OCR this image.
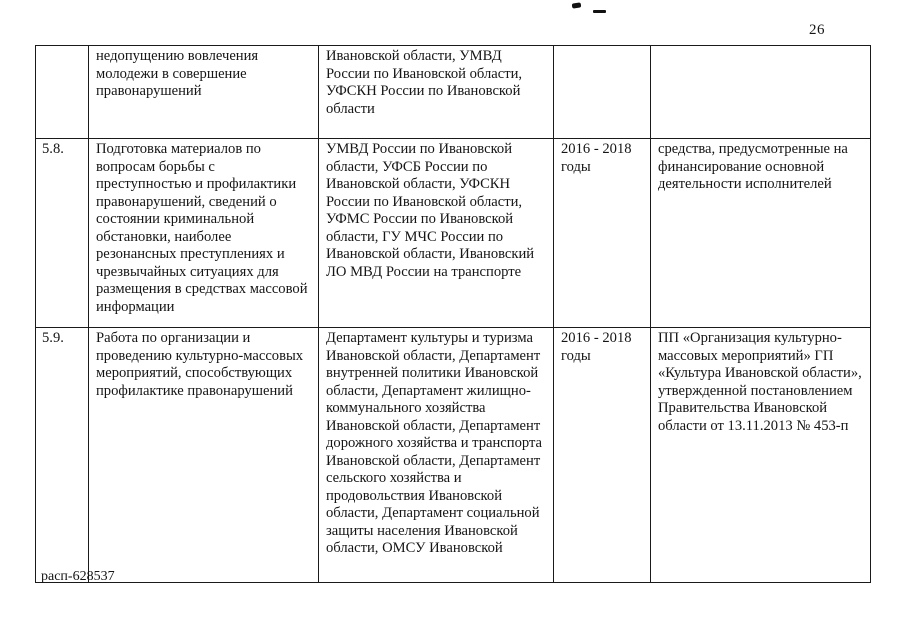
26
	недопущению вовлечения молодежи в совершение правонарушений	Ивановской области, УМВД России по Ивановской области, УФСКН России по Ивановской области		
5.8.	Подготовка материалов по вопросам борьбы с преступностью и профилактики правонарушений, сведений о состоянии криминальной обстановки, наиболее резонансных преступлениях и чрезвычайных ситуациях для размещения в средствах массовой информации	УМВД России по Ивановской области, УФСБ России по Ивановской области, УФСКН России по Ивановской области, УФМС России по Ивановской области, ГУ МЧС России по Ивановской области, Ивановский ЛО МВД России на транспорте	2016 - 2018 годы	средства, предусмотренные на финансирование основной деятельности исполнителей
5.9.	Работа по организации и проведению культурно-массовых мероприятий, способствующих профилактике правонарушений	Департамент культуры и туризма Ивановской области, Департамент внутренней политики Ивановской области, Департамент жилищно-коммунального хозяйства Ивановской области, Департамент дорожного хозяйства и транспорта Ивановской области, Департамент сельского хозяйства и продовольствия Ивановской области, Департамент социальной защиты населения Ивановской области, ОМСУ Ивановской	2016 - 2018 годы	ПП «Организация культурно-массовых мероприятий» ГП «Культура Ивановской области», утвержденной постановлением Правительства Ивановской области от 13.11.2013 № 453-п
расп-628537
